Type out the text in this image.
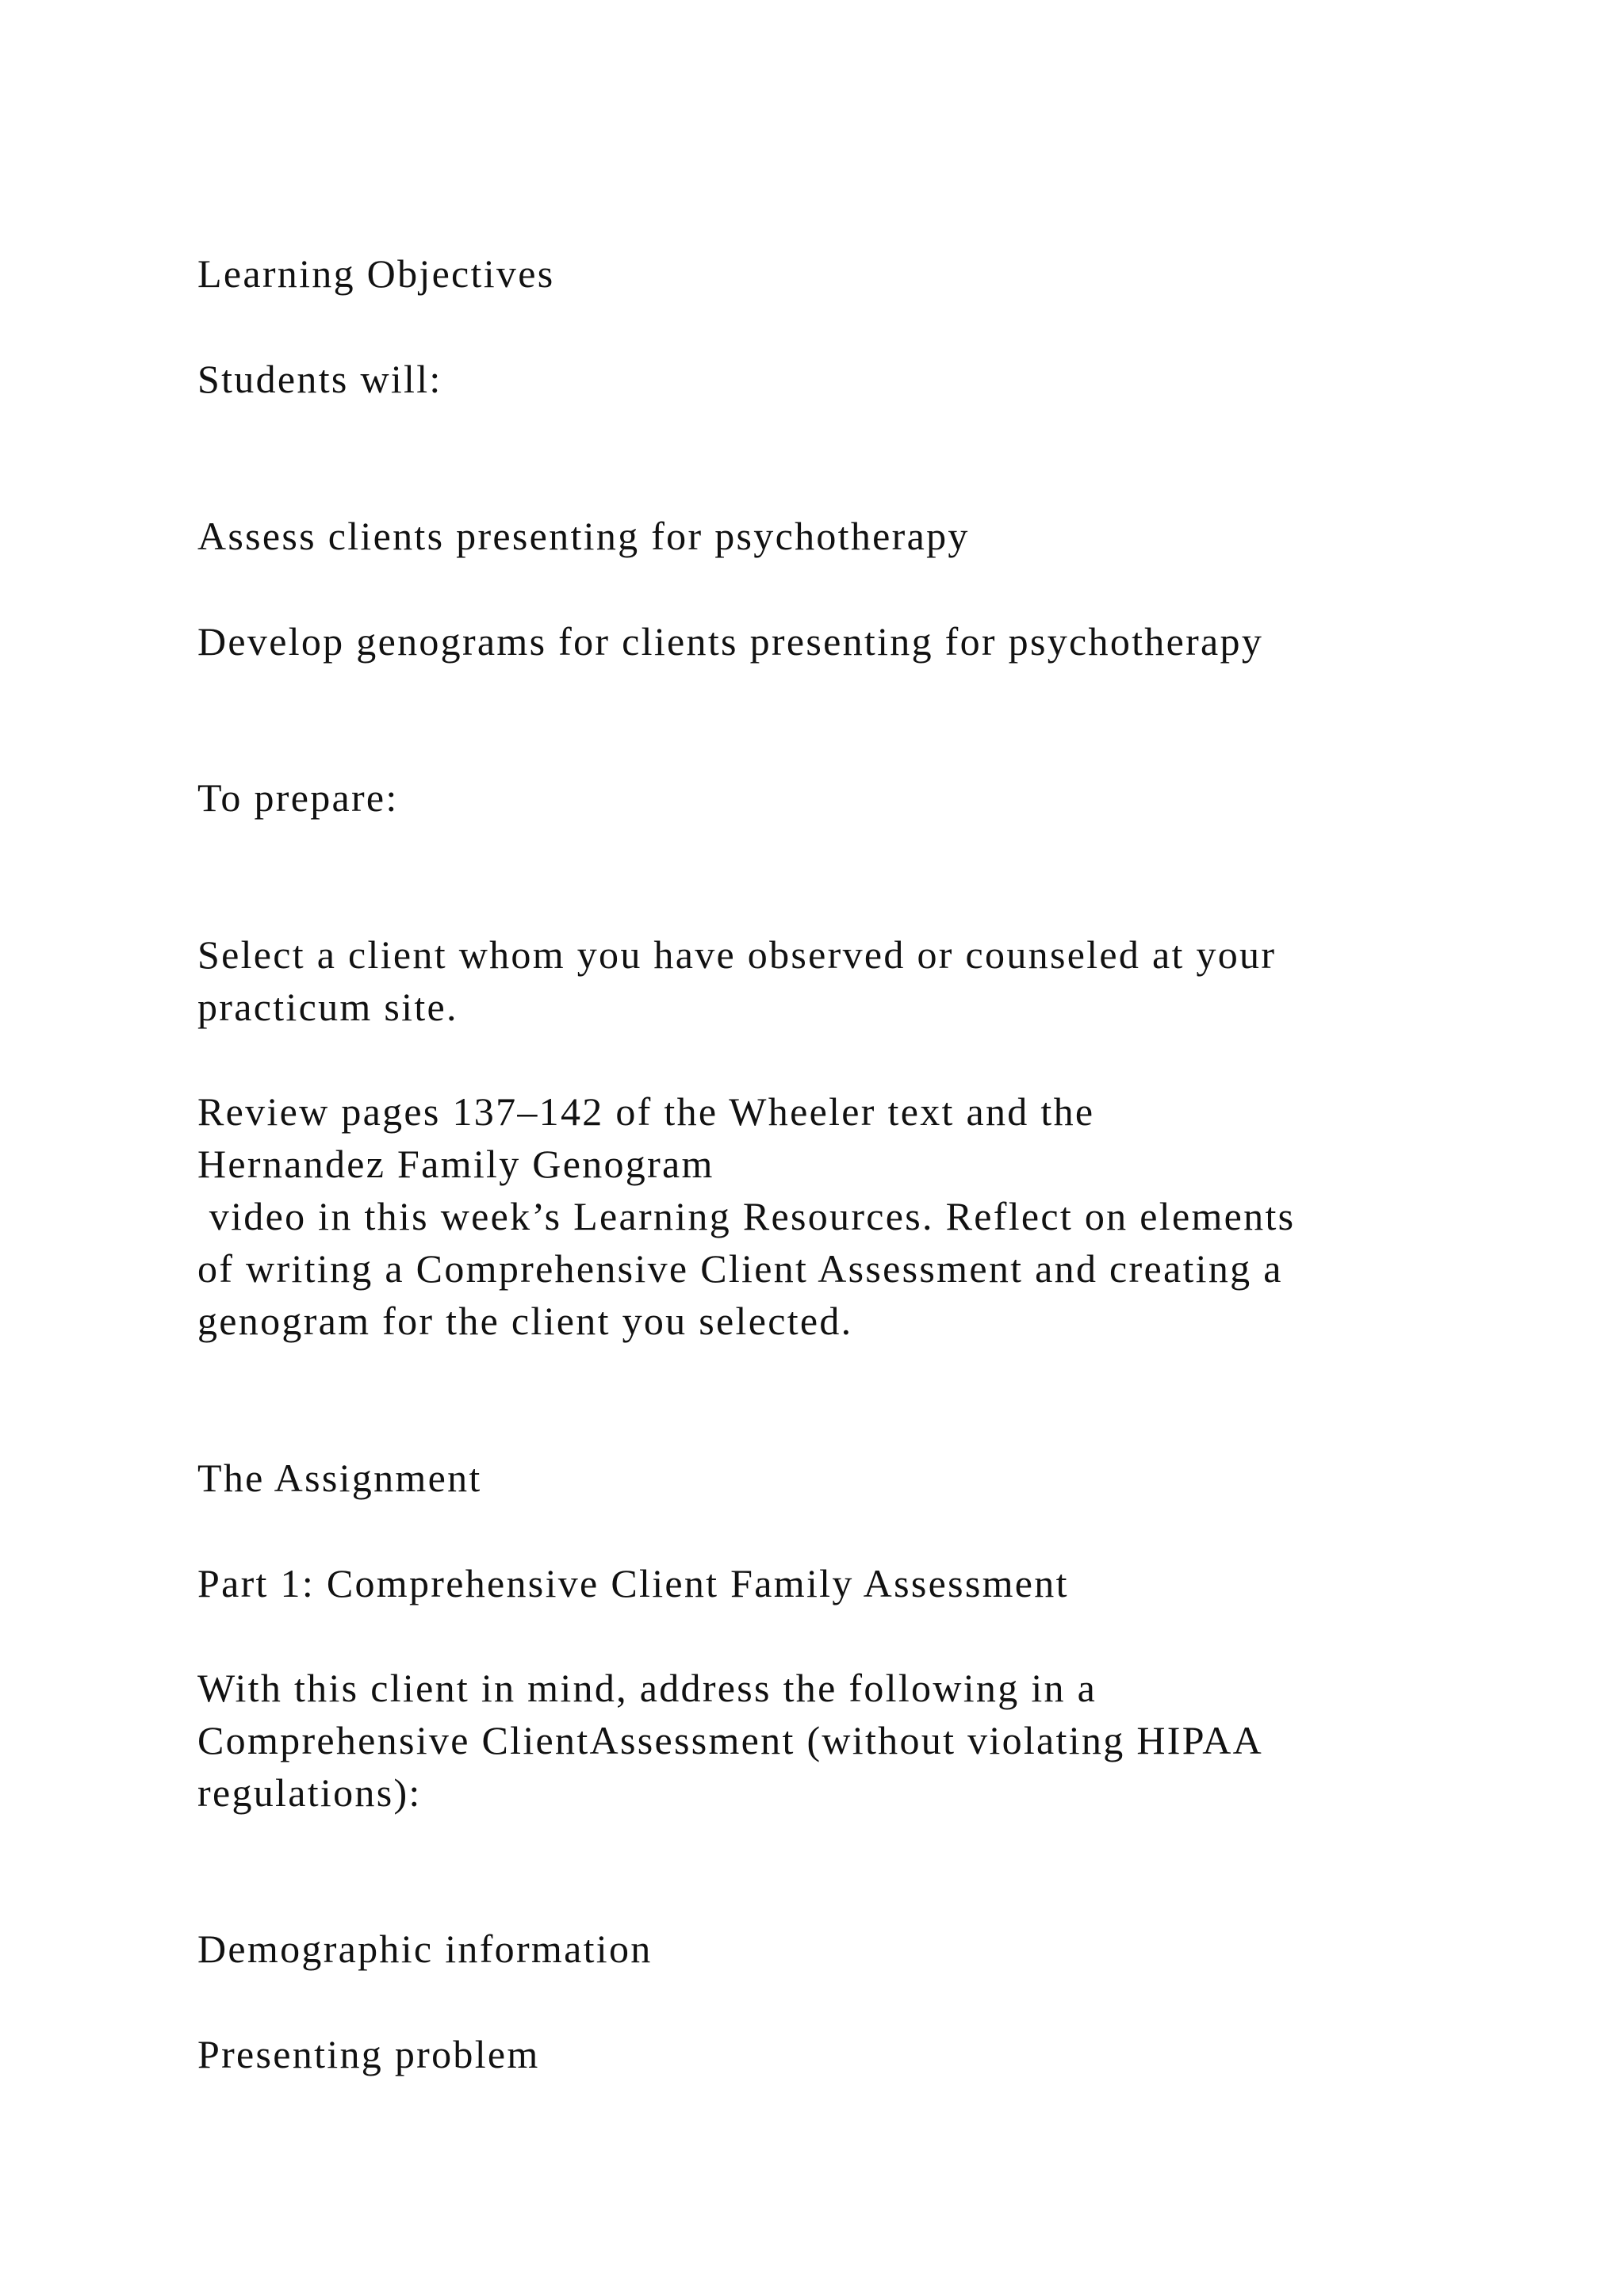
Learning Objectives

Students will:

Assess clients presenting for psychotherapy

Develop genograms for clients presenting for psychotherapy

To prepare:

Select a client whom you have observed or counseled at your

practicum site.

Review pages 137–142 of the Wheeler text and the

Hernandez Family Genogram

video in this week’s Learning Resources. Reflect on elements

of writing a Comprehensive Client Assessment and creating a

genogram for the client you selected.

The Assignment

Part 1: Comprehensive Client Family Assessment

With this client in mind, address the following in a

Comprehensive ClientAssessment (without violating HIPAA

regulations):

Demographic information

Presenting problem
